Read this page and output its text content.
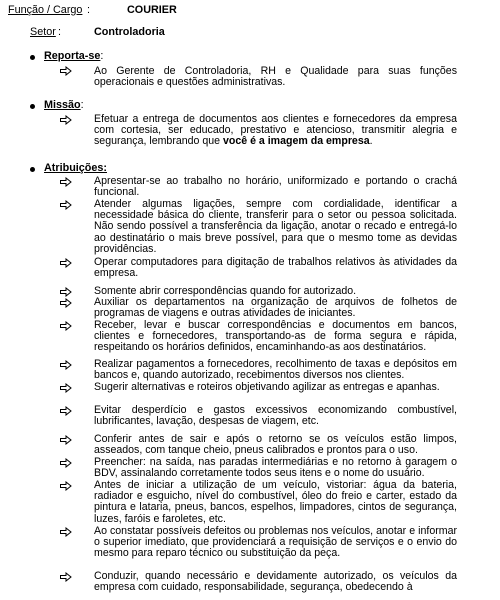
Função / Cargo :	COURIER
Setor :	Controladoria
Reporta-se:
Ao Gerente de Controladoria, RH e Qualidade para suas funções operacionais e questões administrativas.
Missão:
Efetuar a entrega de documentos aos clientes e fornecedores da empresa com cortesia, ser educado, prestativo e atencioso, transmitir alegria e segurança, lembrando que você é a imagem da empresa.
Atribuições:
Apresentar-se ao trabalho no horário, uniformizado e portando o crachá funcional.
Atender algumas ligações, sempre com cordialidade, identificar a necessidade básica do cliente, transferir para o setor ou pessoa solicitada. Não sendo possível a transferência da ligação, anotar o recado e entregá-lo ao destinatário o mais breve possível, para que o mesmo tome as devidas providências.
Operar computadores para digitação de trabalhos relativos às atividades da empresa.
Somente abrir correspondências quando for autorizado.
Auxiliar os departamentos na organização de arquivos de folhetos de programas de viagens e outras atividades de iniciantes.
Receber, levar e buscar correspondências e documentos em bancos, clientes e fornecedores, transportando-as de forma segura e rápida, respeitando os horários definidos, encaminhando-as aos destinatários.
Realizar pagamentos a fornecedores, recolhimento de taxas e depósitos em bancos e, quando autorizado, recebimentos diversos nos clientes.
Sugerir alternativas e roteiros objetivando agilizar as entregas e apanhas.
Evitar desperdício e gastos excessivos economizando combustível, lubrificantes, lavação, despesas de viagem, etc.
Conferir antes de sair e após o retorno se os veículos estão limpos, asseados, com tanque cheio, pneus calibrados e prontos para o uso.
Preencher: na saída, nas paradas intermediárias e no retorno à garagem o BDV, assinalando corretamente todos seus itens e o nome do usuário.
Antes de iniciar a utilização de um veículo, vistoriar: água da bateria, radiador e esguicho, nível do combustível, óleo do freio e carter, estado da pintura e lataria, pneus, bancos, espelhos, limpadores, cintos de segurança, luzes, faróis e faroletes, etc.
Ao constatar possíveis defeitos ou problemas nos veículos, anotar e informar o superior imediato, que providenciará a requisição de serviços e o envio do mesmo para reparo técnico ou substituição da peça.
Conduzir, quando necessário e devidamente autorizado, os veículos da empresa com cuidado, responsabilidade, segurança, obedecendo à
